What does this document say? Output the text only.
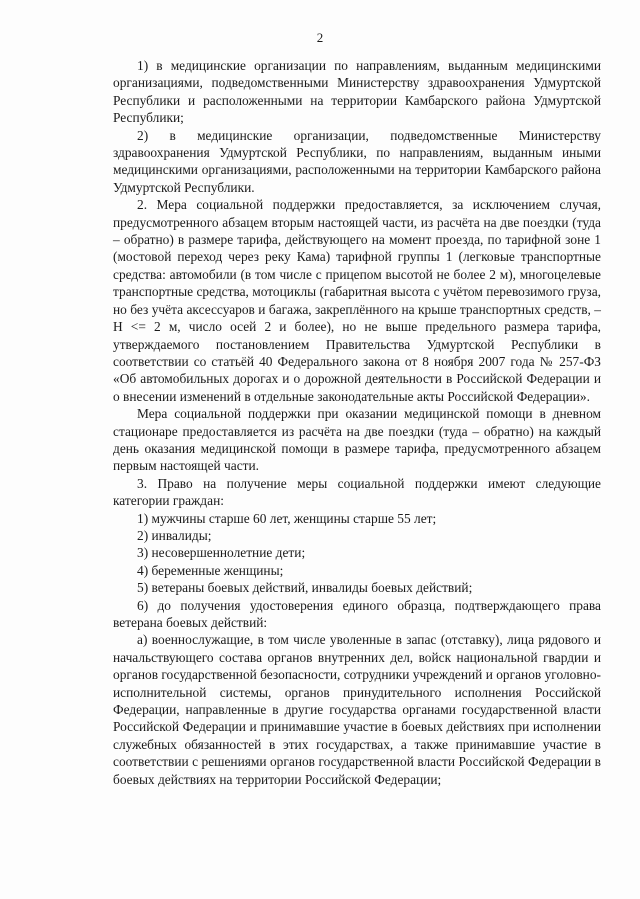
2

1) в медицинские организации по направлениям, выданным медицинскими организациями, подведомственными Министерству здравоохранения Удмуртской Республики и расположенными на территории Камбарского района Удмуртской Республики;

2) в медицинские организации, подведомственные Министерству здравоохранения Удмуртской Республики, по направлениям, выданным иными медицинскими организациями, расположенными на территории Камбарского района Удмуртской Республики.

2. Мера социальной поддержки предоставляется, за исключением случая, предусмотренного абзацем вторым настоящей части, из расчёта на две поездки (туда – обратно) в размере тарифа, действующего на момент проезда, по тарифной зоне 1 (мостовой переход через реку Кама) тарифной группы 1 (легковые транспортные средства: автомобили (в том числе с прицепом высотой не более 2 м), многоцелевые транспортные средства, мотоциклы (габаритная высота с учётом перевозимого груза, но без учёта аксессуаров и багажа, закреплённого на крыше транспортных средств, – H <= 2 м, число осей 2 и более), но не выше предельного размера тарифа, утверждаемого постановлением Правительства Удмуртской Республики в соответствии со статьёй 40 Федерального закона от 8 ноября 2007 года № 257-ФЗ «Об автомобильных дорогах и о дорожной деятельности в Российской Федерации и о внесении изменений в отдельные законодательные акты Российской Федерации».

Мера социальной поддержки при оказании медицинской помощи в дневном стационаре предоставляется из расчёта на две поездки (туда – обратно) на каждый день оказания медицинской помощи в размере тарифа, предусмотренного абзацем первым настоящей части.

3. Право на получение меры социальной поддержки имеют следующие категории граждан:

1) мужчины старше 60 лет, женщины старше 55 лет;

2) инвалиды;

3) несовершеннолетние дети;

4) беременные женщины;

5) ветераны боевых действий, инвалиды боевых действий;

6) до получения удостоверения единого образца, подтверждающего права ветерана боевых действий:

а) военнослужащие, в том числе уволенные в запас (отставку), лица рядового и начальствующего состава органов внутренних дел, войск национальной гвардии и органов государственной безопасности, сотрудники учреждений и органов уголовно-исполнительной системы, органов принудительного исполнения Российской Федерации, направленные в другие государства органами государственной власти Российской Федерации и принимавшие участие в боевых действиях при исполнении служебных обязанностей в этих государствах, а также принимавшие участие в соответствии с решениями органов государственной власти Российской Федерации в боевых действиях на территории Российской Федерации;
